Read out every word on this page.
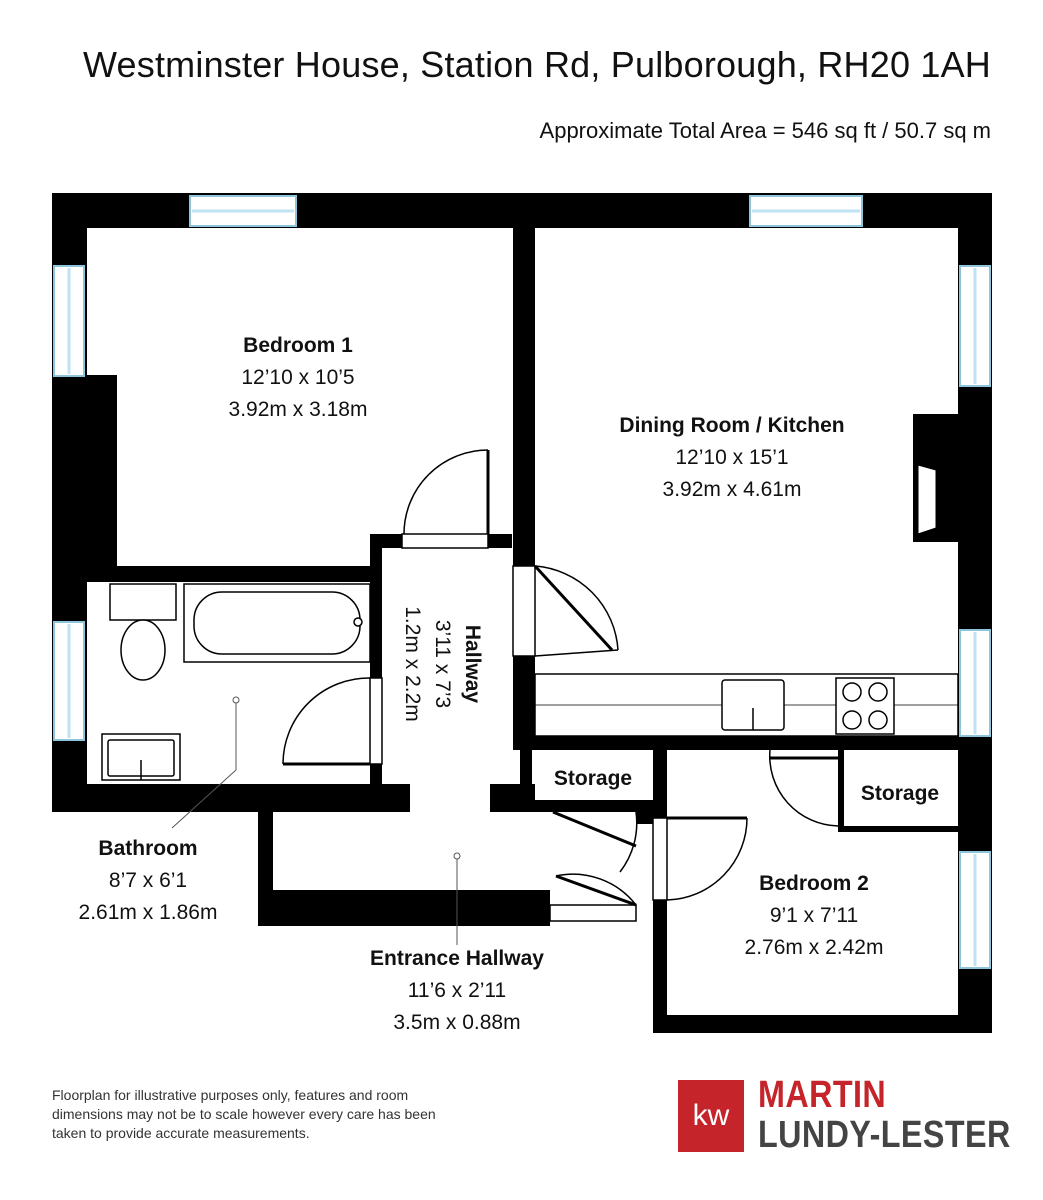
Westminster House, Station Rd, Pulborough, RH20 1AH
Approximate Total Area = 546 sq ft / 50.7 sq m
Bedroom 1
12’10 x 10’5
3.92m x 3.18m
Dining Room / Kitchen
12’10 x 15’1
3.92m x 4.61m
Hallway
3’11 x 7’3
1.2m x 2.2m
Storage
Storage
Bathroom
8’7 x 6’1
2.61m x 1.86m
Bedroom 2
9’1 x 7’11
2.76m x 2.42m
Entrance Hallway
11’6 x 2’11
3.5m x 0.88m
Floorplan for illustrative purposes only, features and room dimensions may not be to scale however every care has been taken to provide accurate measurements.
kw MARTIN
LUNDY-LESTER
